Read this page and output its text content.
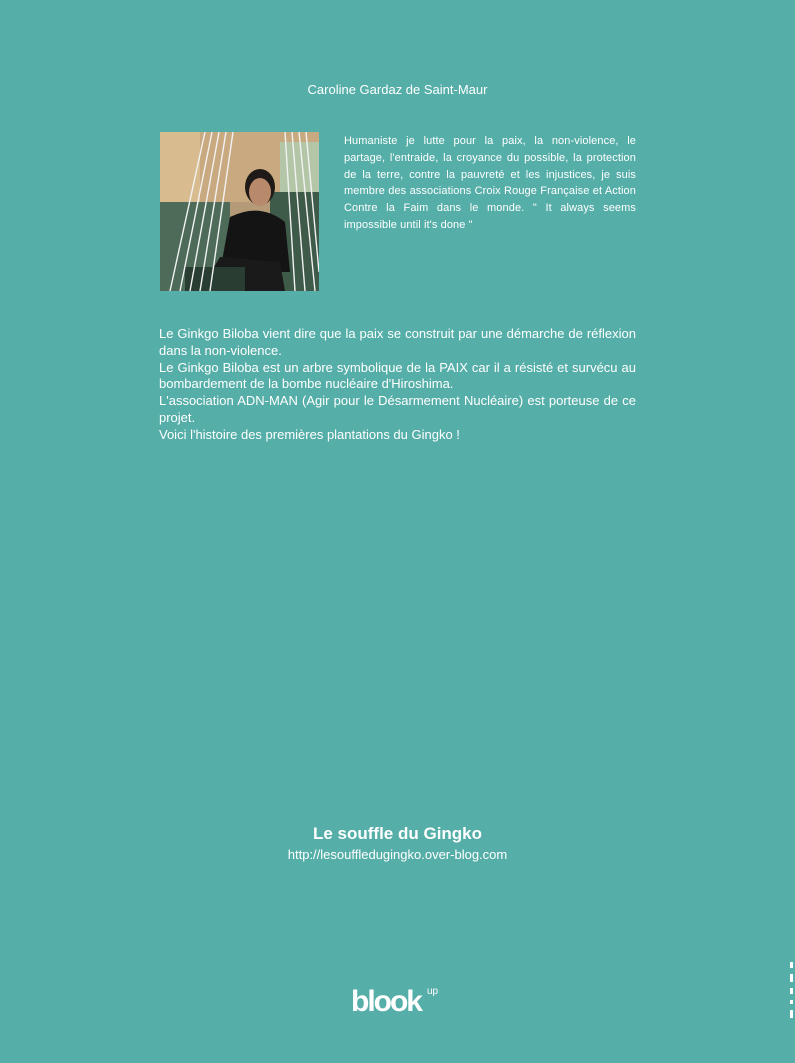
Caroline Gardaz de Saint-Maur
Humaniste je lutte pour la paix, la non-violence, le partage, l'entraide, la croyance du possible, la protection de la terre, contre la pauvreté et les injustices, je suis membre des associations Croix Rouge Française et Action Contre la Faim dans le monde. " It always seems impossible until it's done "

Le Ginkgo Biloba vient dire que la paix se construit par une démarche de réflexion dans la non-violence.

Le Ginkgo Biloba est un arbre symbolique de la PAIX car il a résisté et survécu au bombardement de la bombe nucléaire d'Hiroshima.

L'association ADN-MAN (Agir pour le Désarmement Nucléaire) est porteuse de ce projet.

Voici l'histoire des premières plantations du Gingko !

Le souffle du Gingko
http://lesouffledugingko.over-blog.com
blook up
